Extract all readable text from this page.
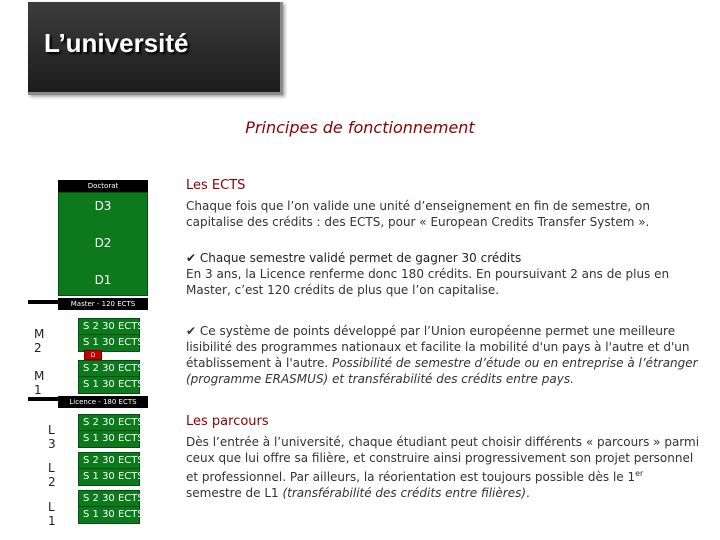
L’université
Principes de fonctionnement
Doctorat
D3
D2
D1
Master - 120 ECTS
M 2
S 2 30 ECTS
S 1 30 ECTS
D
M 1
S 2 30 ECTS
S 1 30 ECTS
Licence - 180 ECTS
L 3
S 2 30 ECTS
S 1 30 ECTS
L 2
S 2 30 ECTS
S 1 30 ECTS
L 1
S 2 30 ECTS
S 1 30 ECTS
Les ECTS
Chaque fois que l’on valide une unité d’enseignement en fin de semestre, on capitalise des crédits : des ECTS, pour « European Credits Transfer System ».
✔ Chaque semestre validé permet de gagner 30 crédits
En 3 ans, la Licence renferme donc 180 crédits. En poursuivant 2 ans de plus en Master, c’est 120 crédits de plus que l’on capitalise.
✔ Ce système de points développé par l’Union européenne permet une meilleure lisibilité des programmes nationaux et facilite la mobilité d'un pays à l'autre et d'un établissement à l'autre. Possibilité de semestre d’étude ou en entreprise à l’étranger (programme ERASMUS) et transférabilité des crédits entre pays.
Les parcours
Dès l’entrée à l’université, chaque étudiant peut choisir différents « parcours » parmi ceux que lui offre sa filière, et construire ainsi progressivement son projet personnel et professionnel. Par ailleurs, la réorientation est toujours possible dès le 1er semestre de L1 (transférabilité des crédits entre filières).
